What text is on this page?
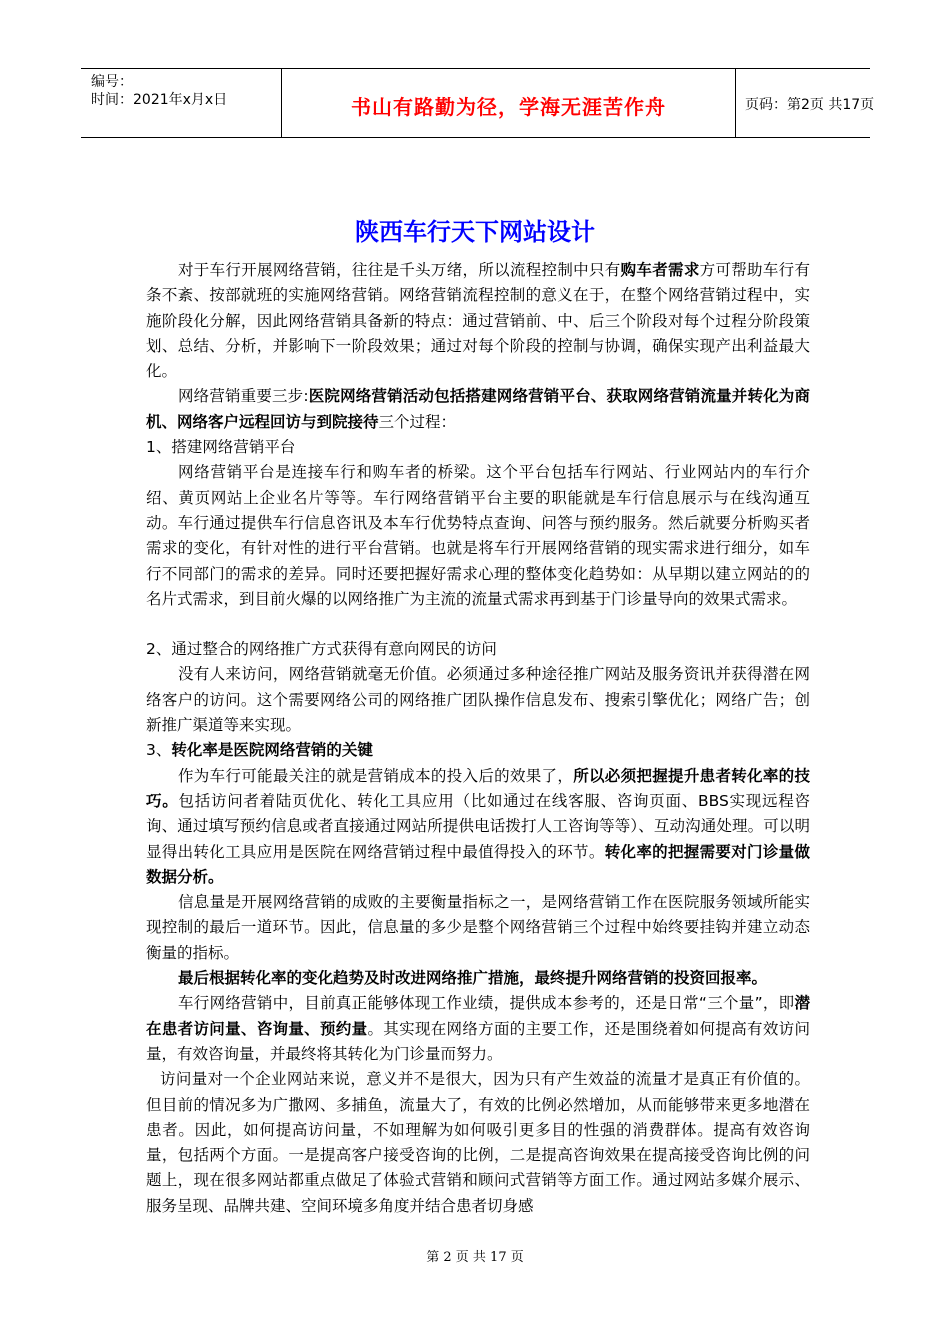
编号：
时间：2021年x月x日	书山有路勤为径，学海无涯苦作舟	页码：第2页 共17页
陕西车行天下网站设计

对于车行开展网络营销，往往是千头万绪，所以流程控制中只有购车者需求方可帮助车行有条不紊、按部就班的实施网络营销。网络营销流程控制的意义在于，在整个网络营销过程中，实施阶段化分解，因此网络营销具备新的特点：通过营销前、中、后三个阶段对每个过程分阶段策划、总结、分析，并影响下一阶段效果；通过对每个阶段的控制与协调，确保实现产出利益最大化。

网络营销重要三步:医院网络营销活动包括搭建网络营销平台、获取网络营销流量并转化为商机、网络客户远程回访与到院接待三个过程：

1、搭建网络营销平台

网络营销平台是连接车行和购车者的桥梁。这个平台包括车行网站、行业网站内的车行介绍、黄页网站上企业名片等等。车行网络营销平台主要的职能就是车行信息展示与在线沟通互动。车行通过提供车行信息咨讯及本车行优势特点查询、问答与预约服务。然后就要分析购买者需求的变化，有针对性的进行平台营销。也就是将车行开展网络营销的现实需求进行细分，如车行不同部门的需求的差异。同时还要把握好需求心理的整体变化趋势如：从早期以建立网站的的名片式需求，到目前火爆的以网络推广为主流的流量式需求再到基于门诊量导向的效果式需求。

2、通过整合的网络推广方式获得有意向网民的访问

没有人来访问，网络营销就毫无价值。必须通过多种途径推广网站及服务资讯并获得潜在网络客户的访问。这个需要网络公司的网络推广团队操作信息发布、搜索引擎优化；网络广告；创新推广渠道等来实现。

3、转化率是医院网络营销的关键

作为车行可能最关注的就是营销成本的投入后的效果了，所以必须把握提升患者转化率的技巧。包括访问者着陆页优化、转化工具应用（比如通过在线客服、咨询页面、BBS实现远程咨询、通过填写预约信息或者直接通过网站所提供电话拨打人工咨询等等）、互动沟通处理。可以明显得出转化工具应用是医院在网络营销过程中最值得投入的环节。转化率的把握需要对门诊量做数据分析。

信息量是开展网络营销的成败的主要衡量指标之一，是网络营销工作在医院服务领域所能实现控制的最后一道环节。因此，信息量的多少是整个网络营销三个过程中始终要挂钩并建立动态衡量的指标。

最后根据转化率的变化趋势及时改进网络推广措施，最终提升网络营销的投资回报率。

车行网络营销中，目前真正能够体现工作业绩，提供成本参考的，还是日常“三个量”，即潜在患者访问量、咨询量、预约量。其实现在网络方面的主要工作，还是围绕着如何提高有效访问量，有效咨询量，并最终将其转化为门诊量而努力。

访问量对一个企业网站来说，意义并不是很大，因为只有产生效益的流量才是真正有价值的。但目前的情况多为广撒网、多捕鱼，流量大了，有效的比例必然增加，从而能够带来更多地潜在患者。因此，如何提高访问量，不如理解为如何吸引更多目的性强的消费群体。提高有效咨询量，包括两个方面。一是提高客户接受咨询的比例，二是提高咨询效果在提高接受咨询比例的问题上，现在很多网站都重点做足了体验式营销和顾问式营销等方面工作。通过网站多媒介展示、服务呈现、品牌共建、空间环境多角度并结合患者切身感

第 2 页 共 17 页
